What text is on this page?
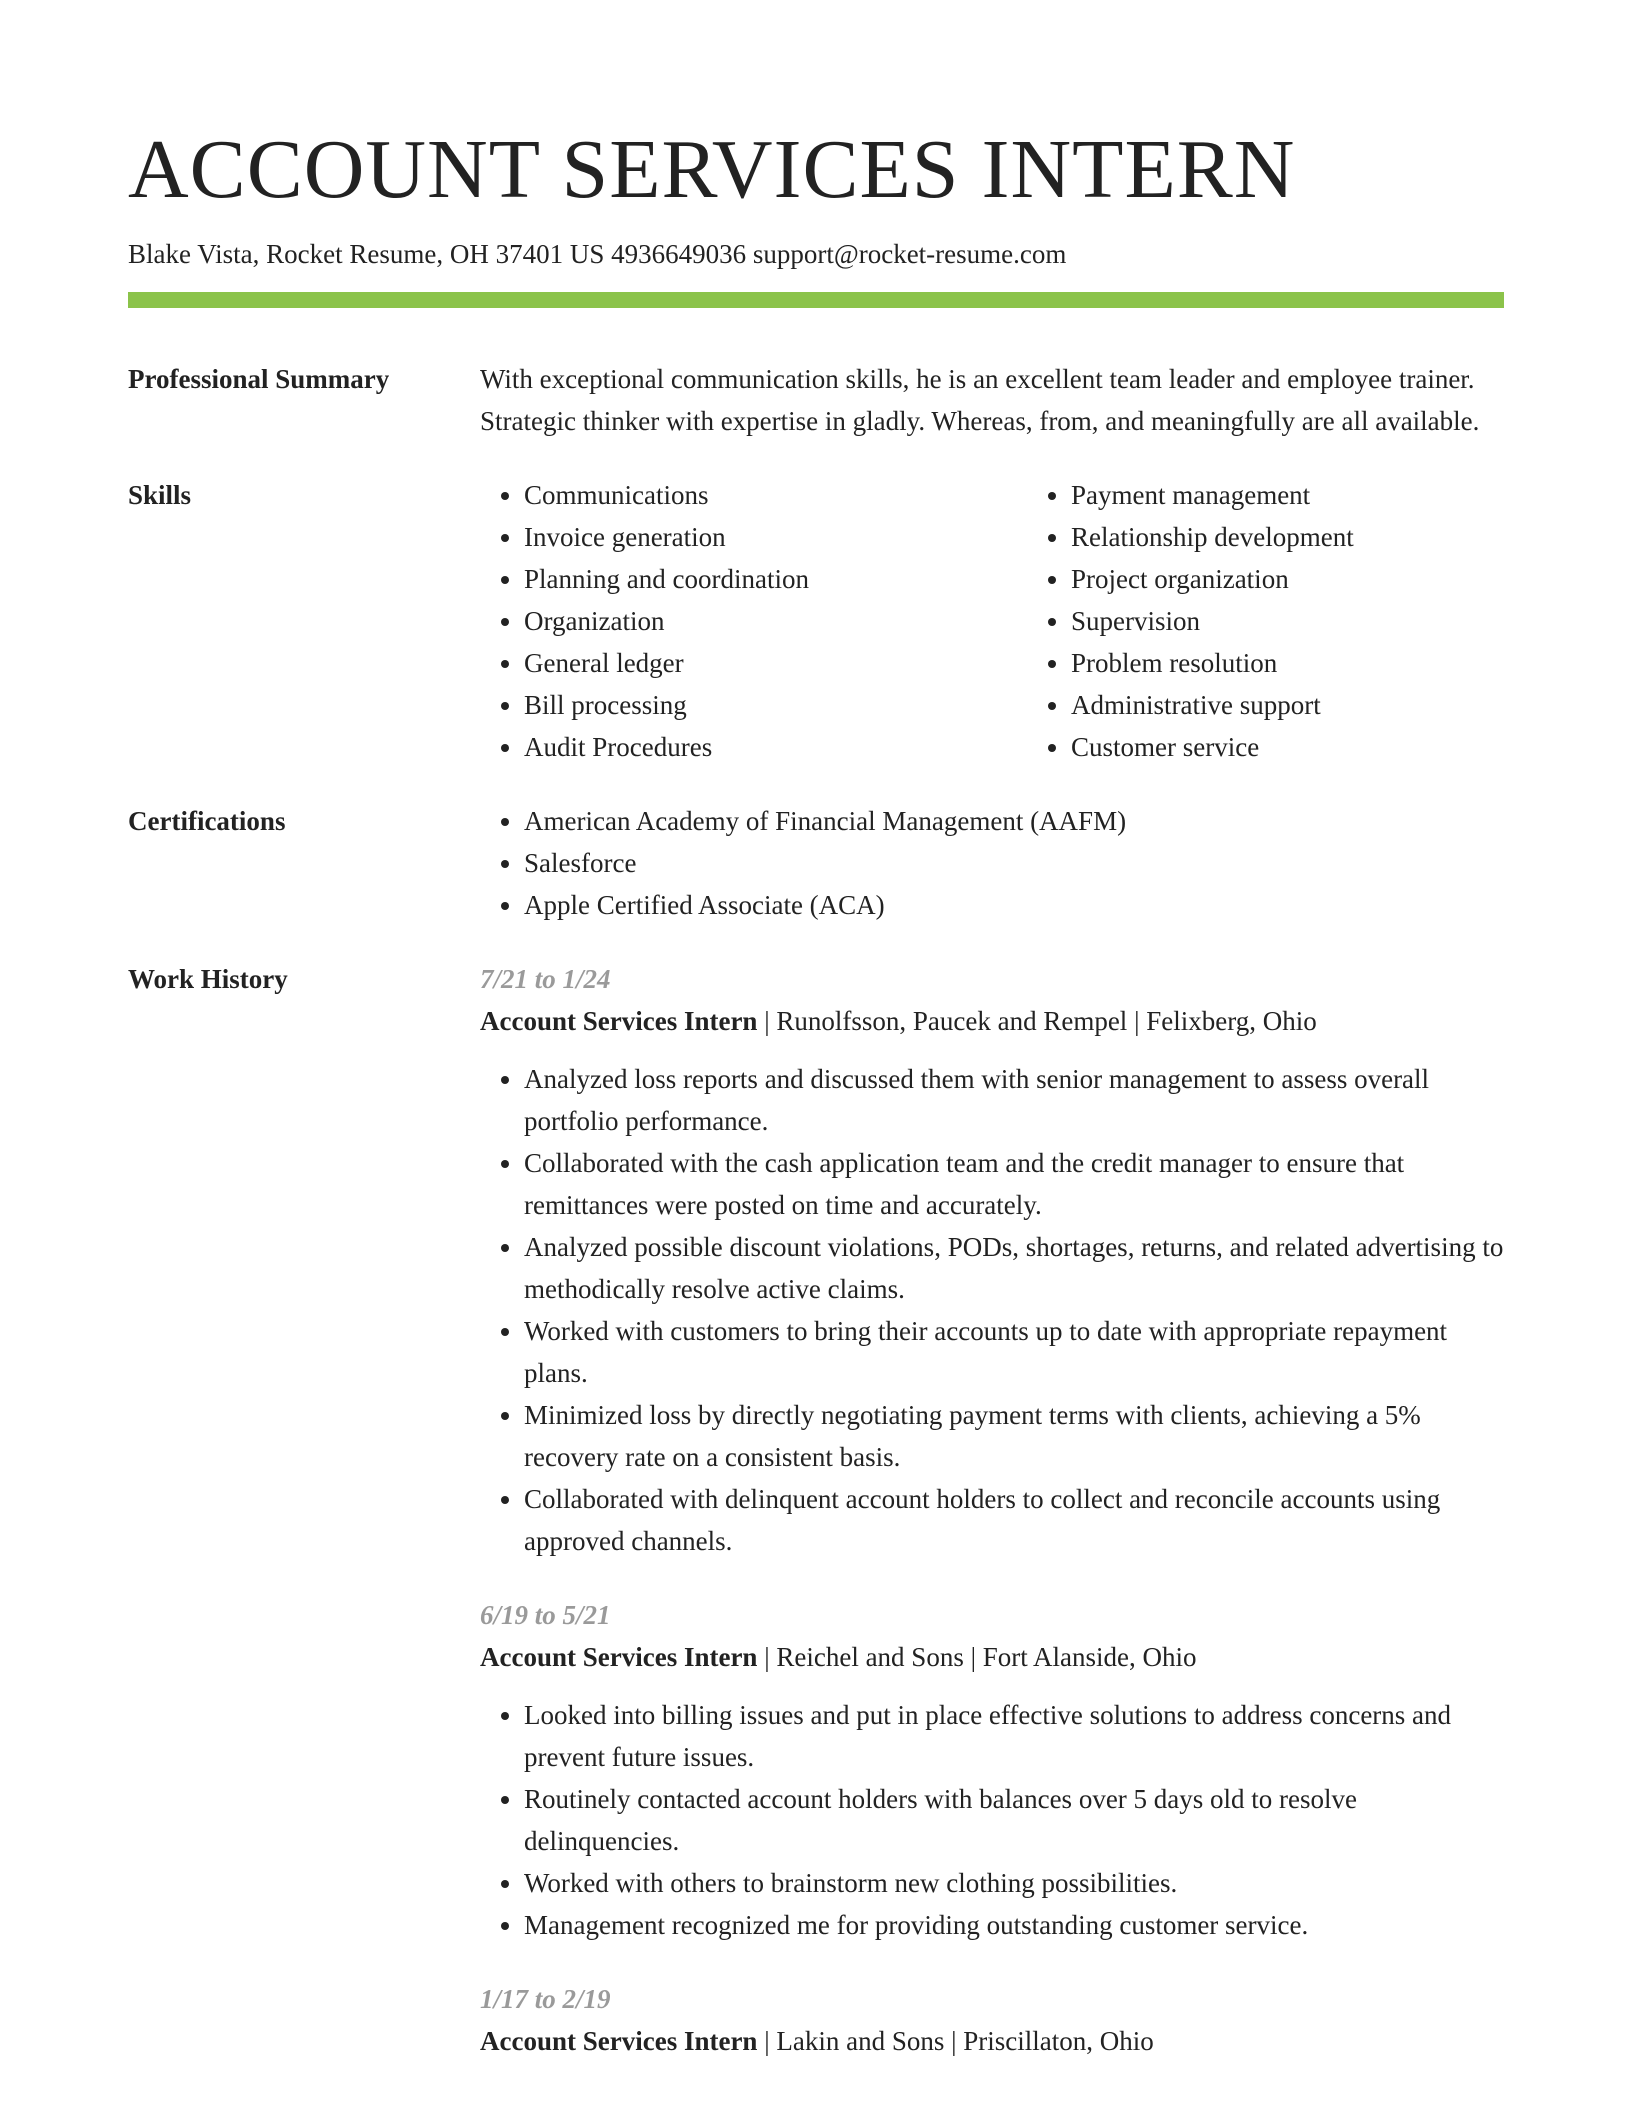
ACCOUNT SERVICES INTERN
Blake Vista, Rocket Resume, OH 37401 US 4936649036 support@rocket-resume.com
Professional Summary	With exceptional communication skills, he is an excellent team leader and employee trainer. Strategic thinker with expertise in gladly. Whereas, from, and meaningfully are all available.
Skills	• Communications
• Invoice generation
• Planning and coordination
• Organization
• General ledger
• Bill processing
• Audit Procedures
• Payment management
• Relationship development
• Project organization
• Supervision
• Problem resolution
• Administrative support
• Customer service
Certifications	• American Academy of Financial Management (AAFM)
• Salesforce
• Apple Certified Associate (ACA)
Work History	7/21 to 1/24
Account Services Intern | Runolfsson, Paucek and Rempel | Felixberg, Ohio
• Analyzed loss reports and discussed them with senior management to assess overall portfolio performance.
• Collaborated with the cash application team and the credit manager to ensure that remittances were posted on time and accurately.
• Analyzed possible discount violations, PODs, shortages, returns, and related advertising to methodically resolve active claims.
• Worked with customers to bring their accounts up to date with appropriate repayment plans.
• Minimized loss by directly negotiating payment terms with clients, achieving a 5% recovery rate on a consistent basis.
• Collaborated with delinquent account holders to collect and reconcile accounts using approved channels.
6/19 to 5/21
Account Services Intern | Reichel and Sons | Fort Alanside, Ohio
• Looked into billing issues and put in place effective solutions to address concerns and prevent future issues.
• Routinely contacted account holders with balances over 5 days old to resolve delinquencies.
• Worked with others to brainstorm new clothing possibilities.
• Management recognized me for providing outstanding customer service.
1/17 to 2/19
Account Services Intern | Lakin and Sons | Priscillaton, Ohio
